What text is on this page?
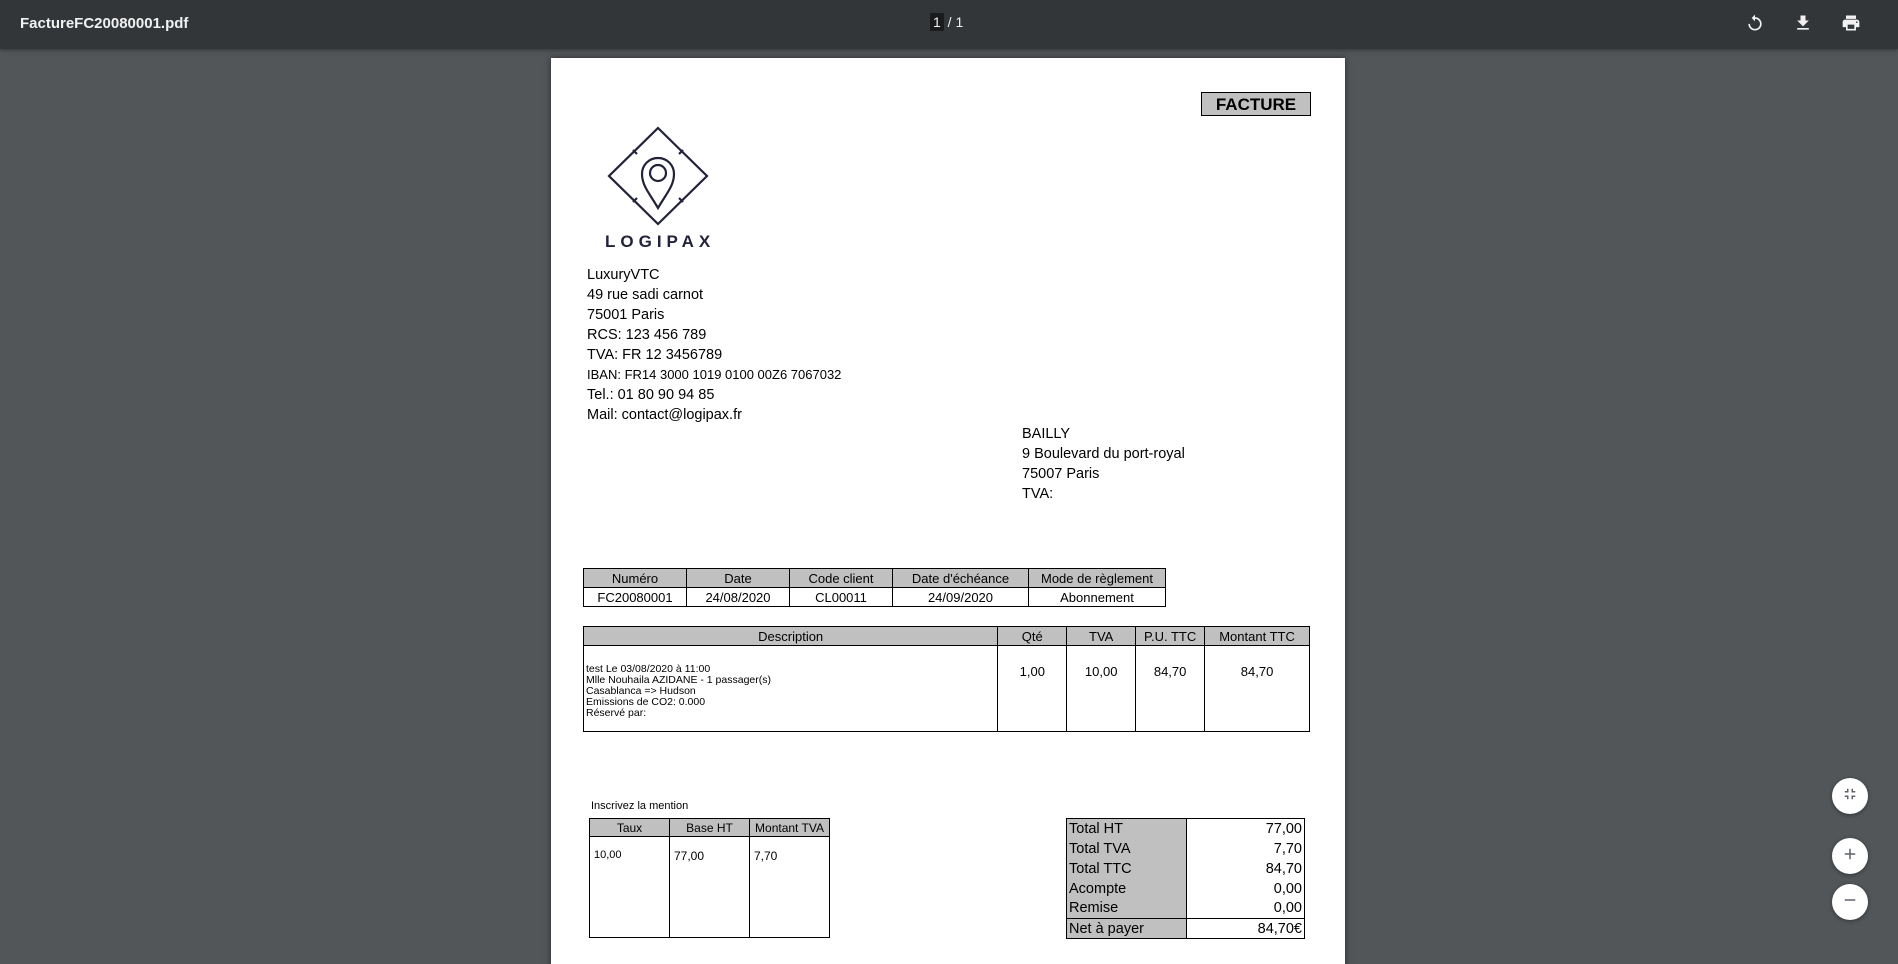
FactureFC20080001.pdf	1 / 1
FACTURE
LOGIPAX
LuxuryVTC
49 rue sadi carnot
75001 Paris
RCS: 123 456 789
TVA: FR 12 3456789
IBAN: FR14 3000 1019 0100 00Z6 7067032
Tel.: 01 80 90 94 85
Mail: contact@logipax.fr
BAILLY
9 Boulevard du port-royal
75007 Paris
TVA:
Numéro	Date	Code client	Date d'échéance	Mode de règlement
FC20080001	24/08/2020	CL00011	24/09/2020	Abonnement
Description	Qté	TVA	P.U. TTC	Montant TTC

test Le 03/08/2020 à 11:00
Mlle Nouhaila AZIDANE - 1 passager(s)
Casablanca => Hudson
Emissions de CO2: 0.000
Réservé par:	1,00	10,00	84,70	84,70
Inscrivez la mention
Taux	Base HT	Montant TVA
10,00	77,00	7,70
Total HT	77,00
Total TVA	7,70
Total TTC	84,70
Acompte	0,00
Remise	0,00
Net à payer	84,70€
